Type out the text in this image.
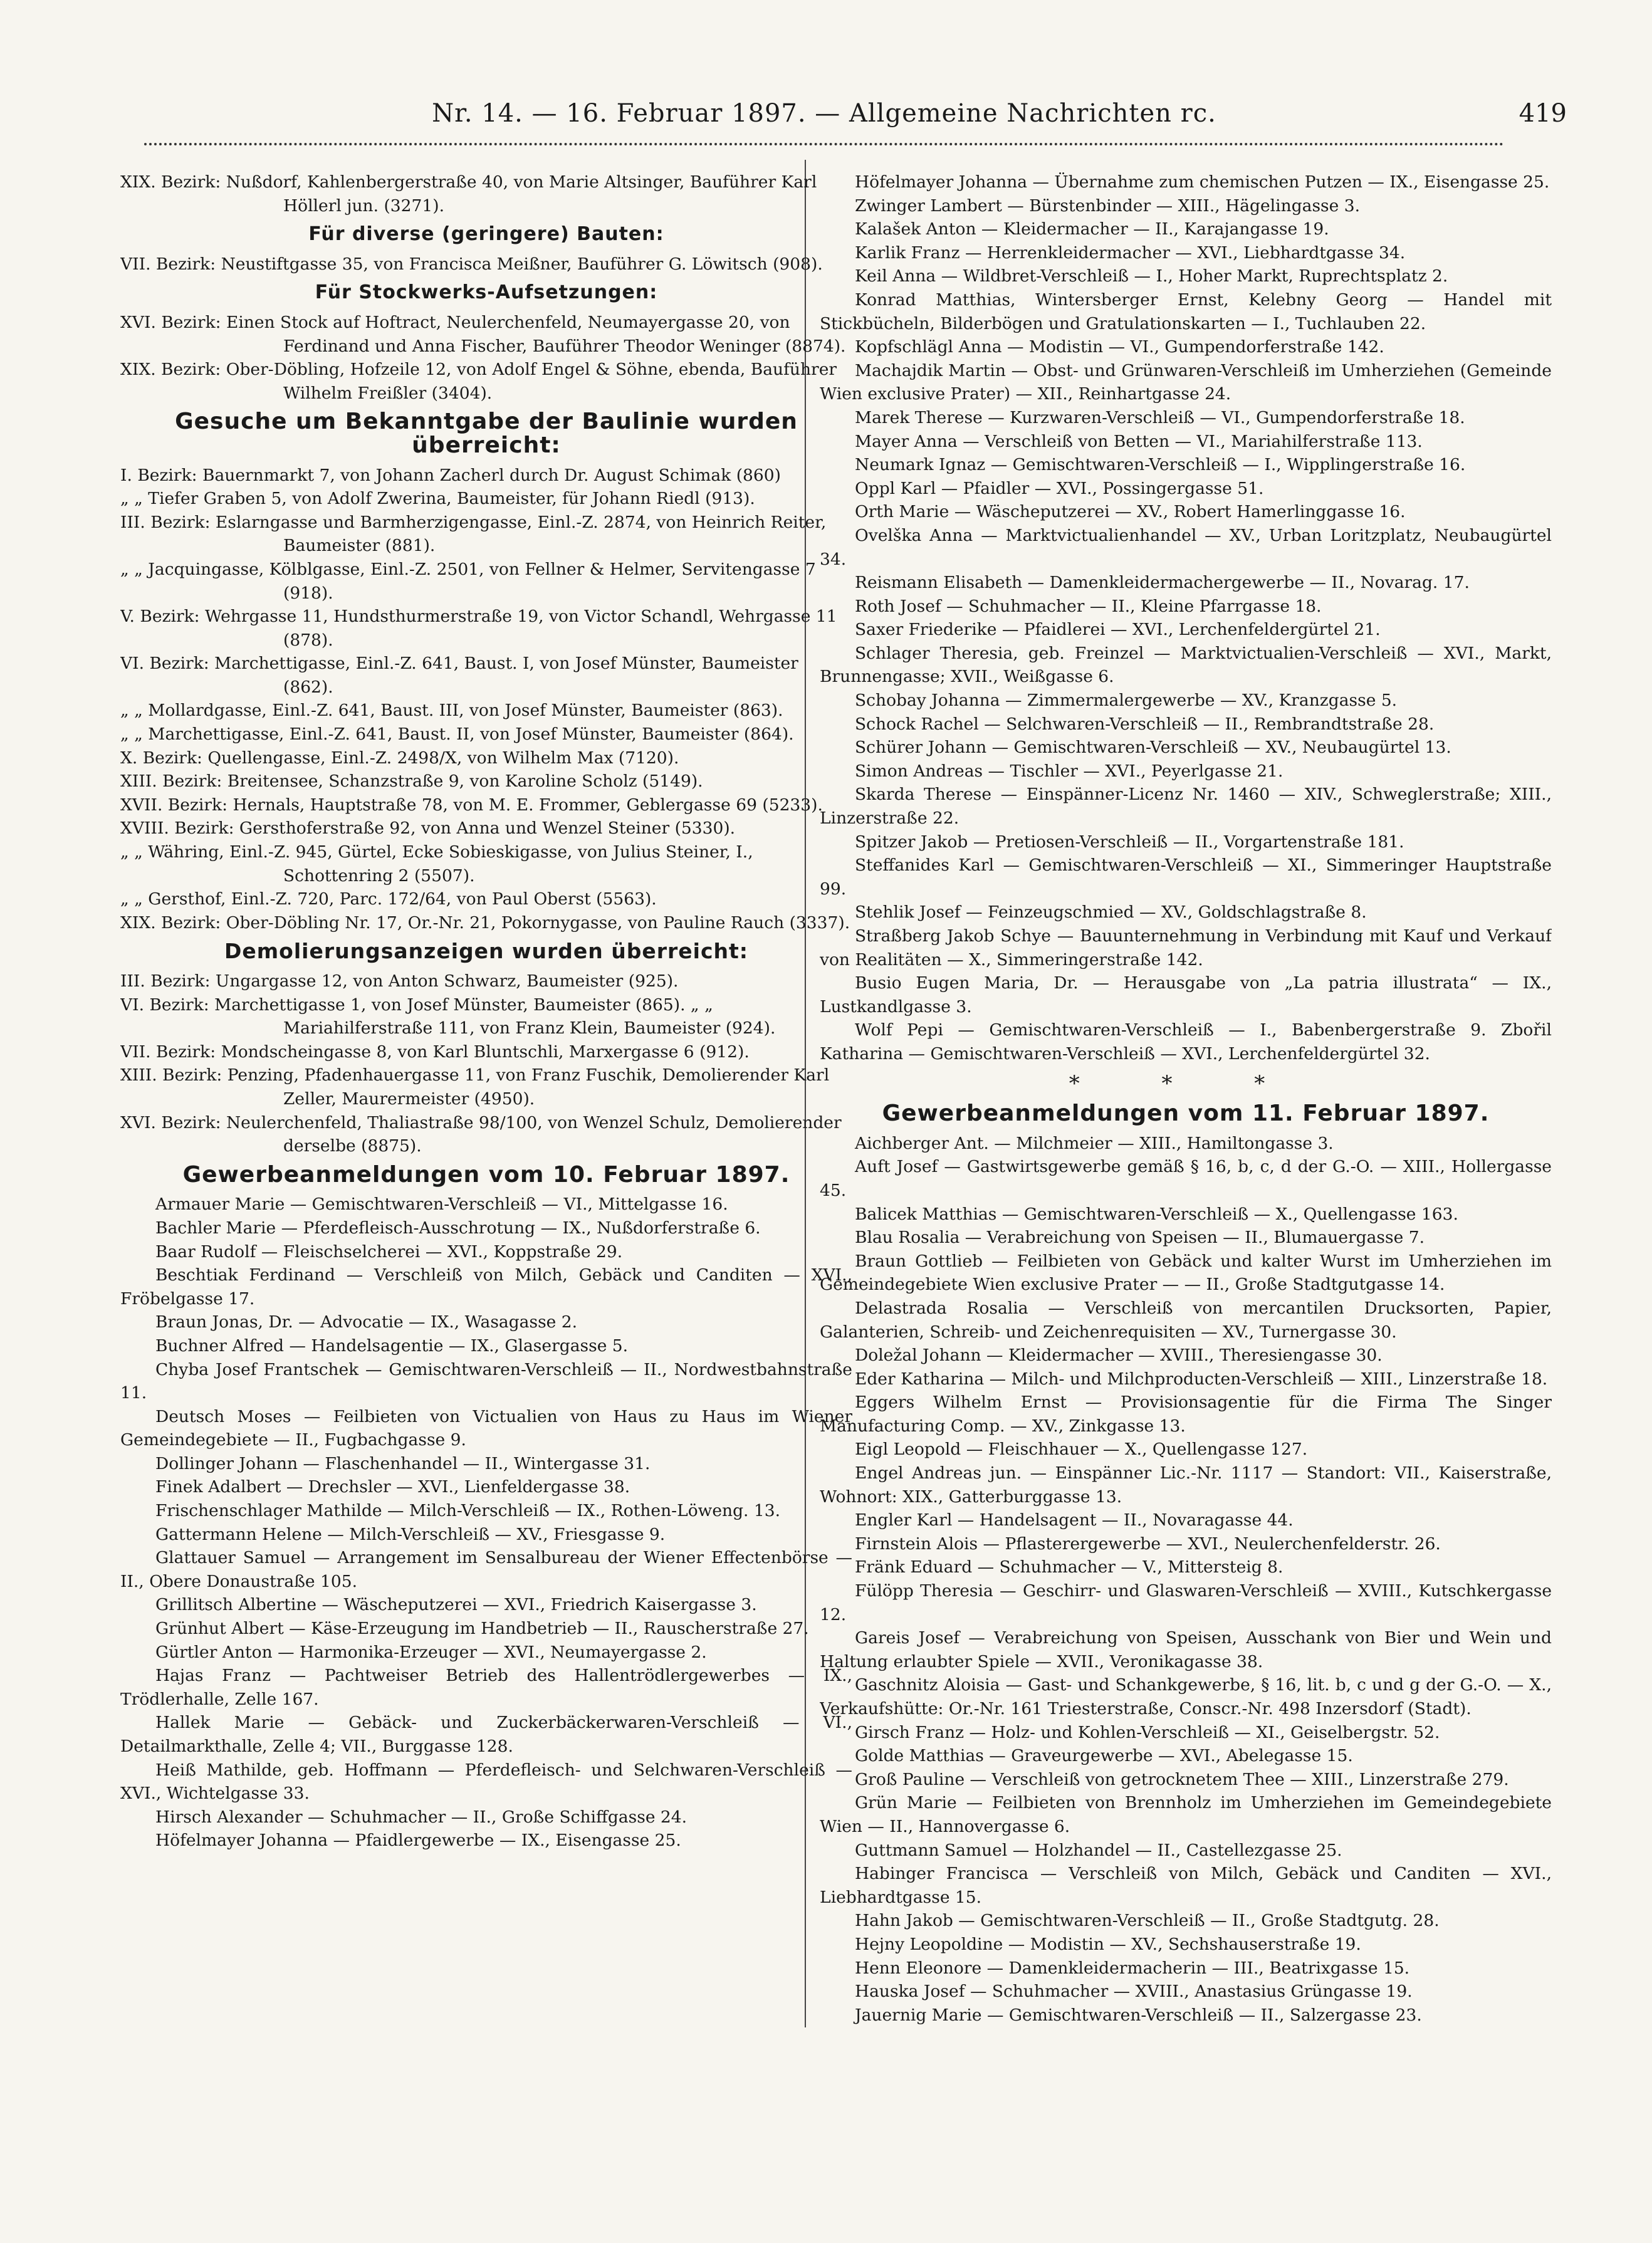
Nr. 14. — 16. Februar 1897. — Allgemeine Nachrichten rc.	419
XIX. Bezirk: Nußdorf, Kahlenbergerstraße 40, von Marie Altsinger, Bauführer Karl Höllerl jun. (3271).
Für diverse (geringere) Bauten:
VII. Bezirk: Neustiftgasse 35, von Francisca Meißner, Bauführer G. Löwitsch (908).
Für Stockwerks-Aufsetzungen:
XVI. Bezirk: Einen Stock auf Hoftract, Neulerchenfeld, Neumayergasse 20, von Ferdinand und Anna Fischer, Bauführer Theodor Weninger (8874).
XIX. Bezirk: Ober-Döbling, Hofzeile 12, von Adolf Engel & Söhne, ebenda, Bauführer Wilhelm Freißler (3404).
Gesuche um Bekanntgabe der Baulinie wurden überreicht:
I. Bezirk: Bauernmarkt 7, von Johann Zacherl durch Dr. August Schimak (860)
„ „ Tiefer Graben 5, von Adolf Zwerina, Baumeister, für Johann Riedl (913).
III. Bezirk: Eslarngasse und Barmherzigengasse, Einl.-Z. 2874, von Heinrich Reiter, Baumeister (881).
„ „ Jacquingasse, Kölblgasse, Einl.-Z. 2501, von Fellner & Helmer, Servitengasse 7 (918).
V. Bezirk: Wehrgasse 11, Hundsthurmerstraße 19, von Victor Schandl, Wehrgasse 11 (878).
VI. Bezirk: Marchettigasse, Einl.-Z. 641, Baust. I, von Josef Münster, Baumeister (862).
„ „ Mollardgasse, Einl.-Z. 641, Baust. III, von Josef Münster, Baumeister (863).
„ „ Marchettigasse, Einl.-Z. 641, Baust. II, von Josef Münster, Baumeister (864).
X. Bezirk: Quellengasse, Einl.-Z. 2498/X, von Wilhelm Max (7120).
XIII. Bezirk: Breitensee, Schanzstraße 9, von Karoline Scholz (5149).
XVII. Bezirk: Hernals, Hauptstraße 78, von M. E. Frommer, Geblergasse 69 (5233).
XVIII. Bezirk: Gersthoferstraße 92, von Anna und Wenzel Steiner (5330).
„ „ Währing, Einl.-Z. 945, Gürtel, Ecke Sobieskigasse, von Julius Steiner, I., Schottenring 2 (5507).
„ „ Gersthof, Einl.-Z. 720, Parc. 172/64, von Paul Oberst (5563).
XIX. Bezirk: Ober-Döbling Nr. 17, Or.-Nr. 21, Pokornygasse, von Pauline Rauch (3337).
Demolierungsanzeigen wurden überreicht:
III. Bezirk: Ungargasse 12, von Anton Schwarz, Baumeister (925).
VI. Bezirk: Marchettigasse 1, von Josef Münster, Baumeister (865). „ „ Mariahilferstraße 111, von Franz Klein, Baumeister (924).
VII. Bezirk: Mondscheingasse 8, von Karl Bluntschli, Marxergasse 6 (912).
XIII. Bezirk: Penzing, Pfadenhauergasse 11, von Franz Fuschik, Demolierender Karl Zeller, Maurermeister (4950).
XVI. Bezirk: Neulerchenfeld, Thaliastraße 98/100, von Wenzel Schulz, Demolierender derselbe (8875).
Gewerbeanmeldungen vom 10. Februar 1897.
Armauer Marie — Gemischtwaren-Verschleiß — VI., Mittelgasse 16.
Bachler Marie — Pferdefleisch-Ausschrotung — IX., Nußdorferstraße 6.
Baar Rudolf — Fleischselcherei — XVI., Koppstraße 29.
Beschtiak Ferdinand — Verschleiß von Milch, Gebäck und Canditen — XVI., Fröbelgasse 17.
Braun Jonas, Dr. — Advocatie — IX., Wasagasse 2.
Buchner Alfred — Handelsagentie — IX., Glasergasse 5.
Chyba Josef Frantschek — Gemischtwaren-Verschleiß — II., Nordwestbahnstraße 11.
Deutsch Moses — Feilbieten von Victualien von Haus zu Haus im Wiener Gemeindegebiete — II., Fugbachgasse 9.
Dollinger Johann — Flaschenhandel — II., Wintergasse 31.
Finek Adalbert — Drechsler — XVI., Lienfeldergasse 38.
Frischenschlager Mathilde — Milch-Verschleiß — IX., Rothen-Löweng. 13.
Gattermann Helene — Milch-Verschleiß — XV., Friesgasse 9.
Glattauer Samuel — Arrangement im Sensalbureau der Wiener Effectenbörse — II., Obere Donaustraße 105.
Grillitsch Albertine — Wäscheputzerei — XVI., Friedrich Kaisergasse 3.
Grünhut Albert — Käse-Erzeugung im Handbetrieb — II., Rauscherstraße 27.
Gürtler Anton — Harmonika-Erzeuger — XVI., Neumayergasse 2.
Hajas Franz — Pachtweiser Betrieb des Hallentrödlergewerbes — IX., Trödlerhalle, Zelle 167.
Hallek Marie — Gebäck- und Zuckerbäckerwaren-Verschleiß — VI., Detailmarkthalle, Zelle 4; VII., Burggasse 128.
Heiß Mathilde, geb. Hoffmann — Pferdefleisch- und Selchwaren-Verschleiß — XVI., Wichtelgasse 33.
Hirsch Alexander — Schuhmacher — II., Große Schiffgasse 24.
Höfelmayer Johanna — Pfaidlergewerbe — IX., Eisengasse 25.
Höfelmayer Johanna — Übernahme zum chemischen Putzen — IX., Eisengasse 25.
Zwinger Lambert — Bürstenbinder — XIII., Hägelingasse 3.
Kalašek Anton — Kleidermacher — II., Karajangasse 19.
Karlik Franz — Herrenkleidermacher — XVI., Liebhardtgasse 34.
Keil Anna — Wildbret-Verschleiß — I., Hoher Markt, Ruprechtsplatz 2.
Konrad Matthias, Wintersberger Ernst, Kelebny Georg — Handel mit Stickbücheln, Bilderbögen und Gratulationskarten — I., Tuchlauben 22.
Kopfschlägl Anna — Modistin — VI., Gumpendorferstraße 142.
Machajdik Martin — Obst- und Grünwaren-Verschleiß im Umherziehen (Gemeinde Wien exclusive Prater) — XII., Reinhartgasse 24.
Marek Therese — Kurzwaren-Verschleiß — VI., Gumpendorferstraße 18.
Mayer Anna — Verschleiß von Betten — VI., Mariahilferstraße 113.
Neumark Ignaz — Gemischtwaren-Verschleiß — I., Wipplingerstraße 16.
Oppl Karl — Pfaidler — XVI., Possingergasse 51.
Orth Marie — Wäscheputzerei — XV., Robert Hamerlinggasse 16.
Ovelška Anna — Marktvictualienhandel — XV., Urban Loritzplatz, Neubaugürtel 34.
Reismann Elisabeth — Damenkleidermachergewerbe — II., Novarag. 17.
Roth Josef — Schuhmacher — II., Kleine Pfarrgasse 18.
Saxer Friederike — Pfaidlerei — XVI., Lerchenfeldergürtel 21.
Schlager Theresia, geb. Freinzel — Marktvictualien-Verschleiß — XVI., Markt, Brunnengasse; XVII., Weißgasse 6.
Schobay Johanna — Zimmermalergewerbe — XV., Kranzgasse 5.
Schock Rachel — Selchwaren-Verschleiß — II., Rembrandtstraße 28.
Schürer Johann — Gemischtwaren-Verschleiß — XV., Neubaugürtel 13.
Simon Andreas — Tischler — XVI., Peyerlgasse 21.
Skarda Therese — Einspänner-Licenz Nr. 1460 — XIV., Schweglerstraße; XIII., Linzerstraße 22.
Spitzer Jakob — Pretiosen-Verschleiß — II., Vorgartenstraße 181.
Steffanides Karl — Gemischtwaren-Verschleiß — XI., Simmeringer Hauptstraße 99.
Stehlik Josef — Feinzeugschmied — XV., Goldschlagstraße 8.
Straßberg Jakob Schye — Bauunternehmung in Verbindung mit Kauf und Verkauf von Realitäten — X., Simmeringerstraße 142.
Busio Eugen Maria, Dr. — Herausgabe von „La patria illustrata“ — IX., Lustkandlgasse 3.
Wolf Pepi — Gemischtwaren-Verschleiß — I., Babenbergerstraße 9. Zbořil Katharina — Gemischtwaren-Verschleiß — XVI., Lerchenfeldergürtel 32.
* * *
Gewerbeanmeldungen vom 11. Februar 1897.
Aichberger Ant. — Milchmeier — XIII., Hamiltongasse 3.
Auft Josef — Gastwirtsgewerbe gemäß § 16, b, c, d der G.-O. — XIII., Hollergasse 45.
Balicek Matthias — Gemischtwaren-Verschleiß — X., Quellengasse 163.
Blau Rosalia — Verabreichung von Speisen — II., Blumauergasse 7.
Braun Gottlieb — Feilbieten von Gebäck und kalter Wurst im Umherziehen im Gemeindegebiete Wien exclusive Prater — — II., Große Stadtgutgasse 14.
Delastrada Rosalia — Verschleiß von mercantilen Drucksorten, Papier, Galanterien, Schreib- und Zeichenrequisiten — XV., Turnergasse 30.
Doležal Johann — Kleidermacher — XVIII., Theresiengasse 30.
Eder Katharina — Milch- und Milchproducten-Verschleiß — XIII., Linzerstraße 18.
Eggers Wilhelm Ernst — Provisionsagentie für die Firma The Singer Manufacturing Comp. — XV., Zinkgasse 13.
Eigl Leopold — Fleischhauer — X., Quellengasse 127.
Engel Andreas jun. — Einspänner Lic.-Nr. 1117 — Standort: VII., Kaiserstraße, Wohnort: XIX., Gatterburggasse 13.
Engler Karl — Handelsagent — II., Novaragasse 44.
Firnstein Alois — Pflasterergewerbe — XVI., Neulerchenfelderstr. 26.
Fränk Eduard — Schuhmacher — V., Mittersteig 8.
Fülöpp Theresia — Geschirr- und Glaswaren-Verschleiß — XVIII., Kutschkergasse 12.
Gareis Josef — Verabreichung von Speisen, Ausschank von Bier und Wein und Haltung erlaubter Spiele — XVII., Veronikagasse 38.
Gaschnitz Aloisia — Gast- und Schankgewerbe, § 16, lit. b, c und g der G.-O. — X., Verkaufshütte: Or.-Nr. 161 Triesterstraße, Conscr.-Nr. 498 Inzersdorf (Stadt).
Girsch Franz — Holz- und Kohlen-Verschleiß — XI., Geiselbergstr. 52.
Golde Matthias — Graveurgewerbe — XVI., Abelegasse 15.
Groß Pauline — Verschleiß von getrocknetem Thee — XIII., Linzerstraße 279.
Grün Marie — Feilbieten von Brennholz im Umherziehen im Gemeindegebiete Wien — II., Hannovergasse 6.
Guttmann Samuel — Holzhandel — II., Castellezgasse 25.
Habinger Francisca — Verschleiß von Milch, Gebäck und Canditen — XVI., Liebhardtgasse 15.
Hahn Jakob — Gemischtwaren-Verschleiß — II., Große Stadtgutg. 28.
Hejny Leopoldine — Modistin — XV., Sechshauserstraße 19.
Henn Eleonore — Damenkleidermacherin — III., Beatrixgasse 15.
Hauska Josef — Schuhmacher — XVIII., Anastasius Grüngasse 19.
Jauernig Marie — Gemischtwaren-Verschleiß — II., Salzergasse 23.
